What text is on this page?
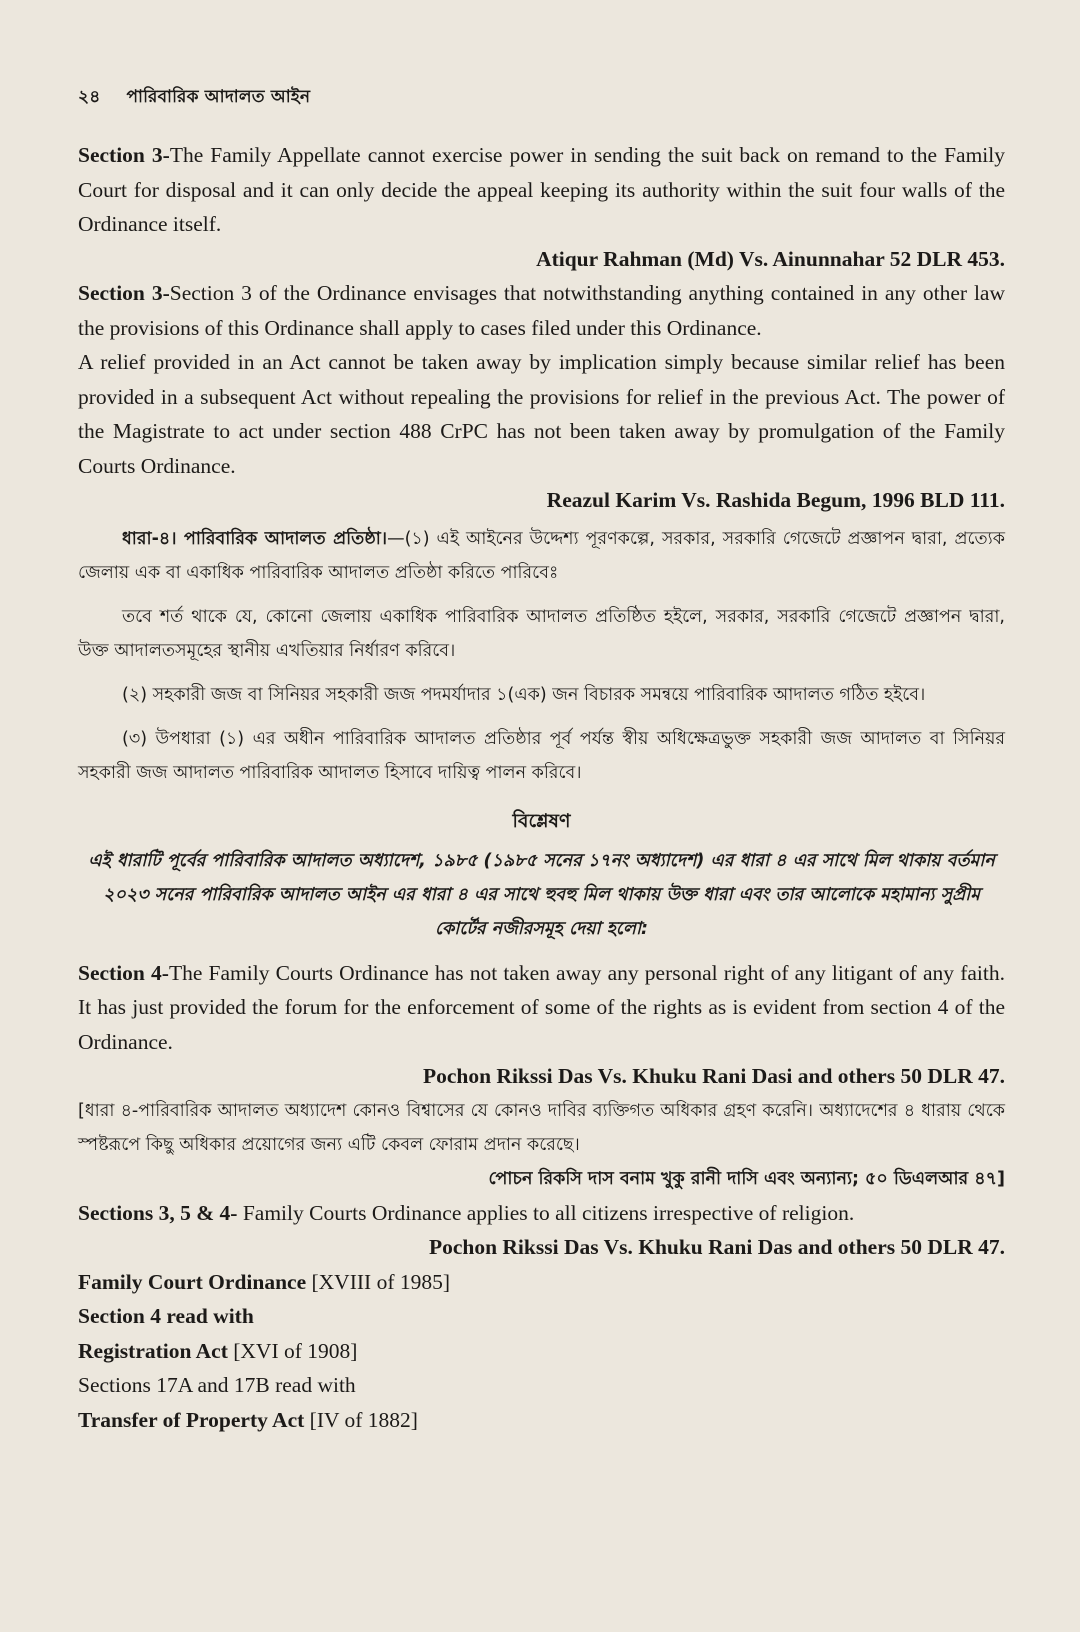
২৪ পারিবারিক আদালত আইন

Section 3-The Family Appellate cannot exercise power in sending the suit back on remand to the Family Court for disposal and it can only decide the appeal keeping its authority within the suit four walls of the Ordinance itself.

Atiqur Rahman (Md) Vs. Ainunnahar 52 DLR 453.

Section 3-Section 3 of the Ordinance envisages that notwithstanding anything contained in any other law the provisions of this Ordinance shall apply to cases filed under this Ordinance.

A relief provided in an Act cannot be taken away by implication simply because similar relief has been provided in a subsequent Act without repealing the provisions for relief in the previous Act. The power of the Magistrate to act under section 488 CrPC has not been taken away by promulgation of the Family Courts Ordinance.

Reazul Karim Vs. Rashida Begum, 1996 BLD 111.

ধারা-৪। পারিবারিক আদালত প্রতিষ্ঠা।—(১) এই আইনের উদ্দেশ্য পূরণকল্পে, সরকার, সরকারি গেজেটে প্রজ্ঞাপন দ্বারা, প্রত্যেক জেলায় এক বা একাধিক পারিবারিক আদালত প্রতিষ্ঠা করিতে পারিবেঃ

তবে শর্ত থাকে যে, কোনো জেলায় একাধিক পারিবারিক আদালত প্রতিষ্ঠিত হইলে, সরকার, সরকারি গেজেটে প্রজ্ঞাপন দ্বারা, উক্ত আদালতসমূহের স্থানীয় এখতিয়ার নির্ধারণ করিবে।

(২) সহকারী জজ বা সিনিয়র সহকারী জজ পদমর্যাদার ১(এক) জন বিচারক সমন্বয়ে পারিবারিক আদালত গঠিত হইবে।

(৩) উপধারা (১) এর অধীন পারিবারিক আদালত প্রতিষ্ঠার পূর্ব পর্যন্ত স্বীয় অধিক্ষেত্রভুক্ত সহকারী জজ আদালত বা সিনিয়র সহকারী জজ আদালত পারিবারিক আদালত হিসাবে দায়িত্ব পালন করিবে।

বিশ্লেষণ

এই ধারাটি পূর্বের পারিবারিক আদালত অধ্যাদেশ, ১৯৮৫ (১৯৮৫ সনের ১৭নং অধ্যাদেশ) এর ধারা ৪ এর সাথে মিল থাকায় বর্তমান ২০২৩ সনের পারিবারিক আদালত আইন এর ধারা ৪ এর সাথে হুবহু মিল থাকায় উক্ত ধারা এবং তার আলোকে মহামান্য সুপ্রীম কোর্টের নজীরসমূহ দেয়া হলো:

Section 4-The Family Courts Ordinance has not taken away any personal right of any litigant of any faith. It has just provided the forum for the enforcement of some of the rights as is evident from section 4 of the Ordinance.

Pochon Rikssi Das Vs. Khuku Rani Dasi and others 50 DLR 47.

[ধারা ৪-পারিবারিক আদালত অধ্যাদেশ কোনও বিশ্বাসের যে কোনও দাবির ব্যক্তিগত অধিকার গ্রহণ করেনি। অধ্যাদেশের ৪ ধারায় থেকে স্পষ্টরূপে কিছু অধিকার প্রয়োগের জন্য এটি কেবল ফোরাম প্রদান করেছে।

পোচন রিকসি দাস বনাম খুকু রানী দাসি এবং অন্যান্য; ৫০ ডিএলআর ৪৭]

Sections 3, 5 & 4- Family Courts Ordinance applies to all citizens irrespective of religion.

Pochon Rikssi Das Vs. Khuku Rani Das and others 50 DLR 47.

Family Court Ordinance [XVIII of 1985]

Section 4 read with

Registration Act [XVI of 1908]

Sections 17A and 17B read with

Transfer of Property Act [IV of 1882]
